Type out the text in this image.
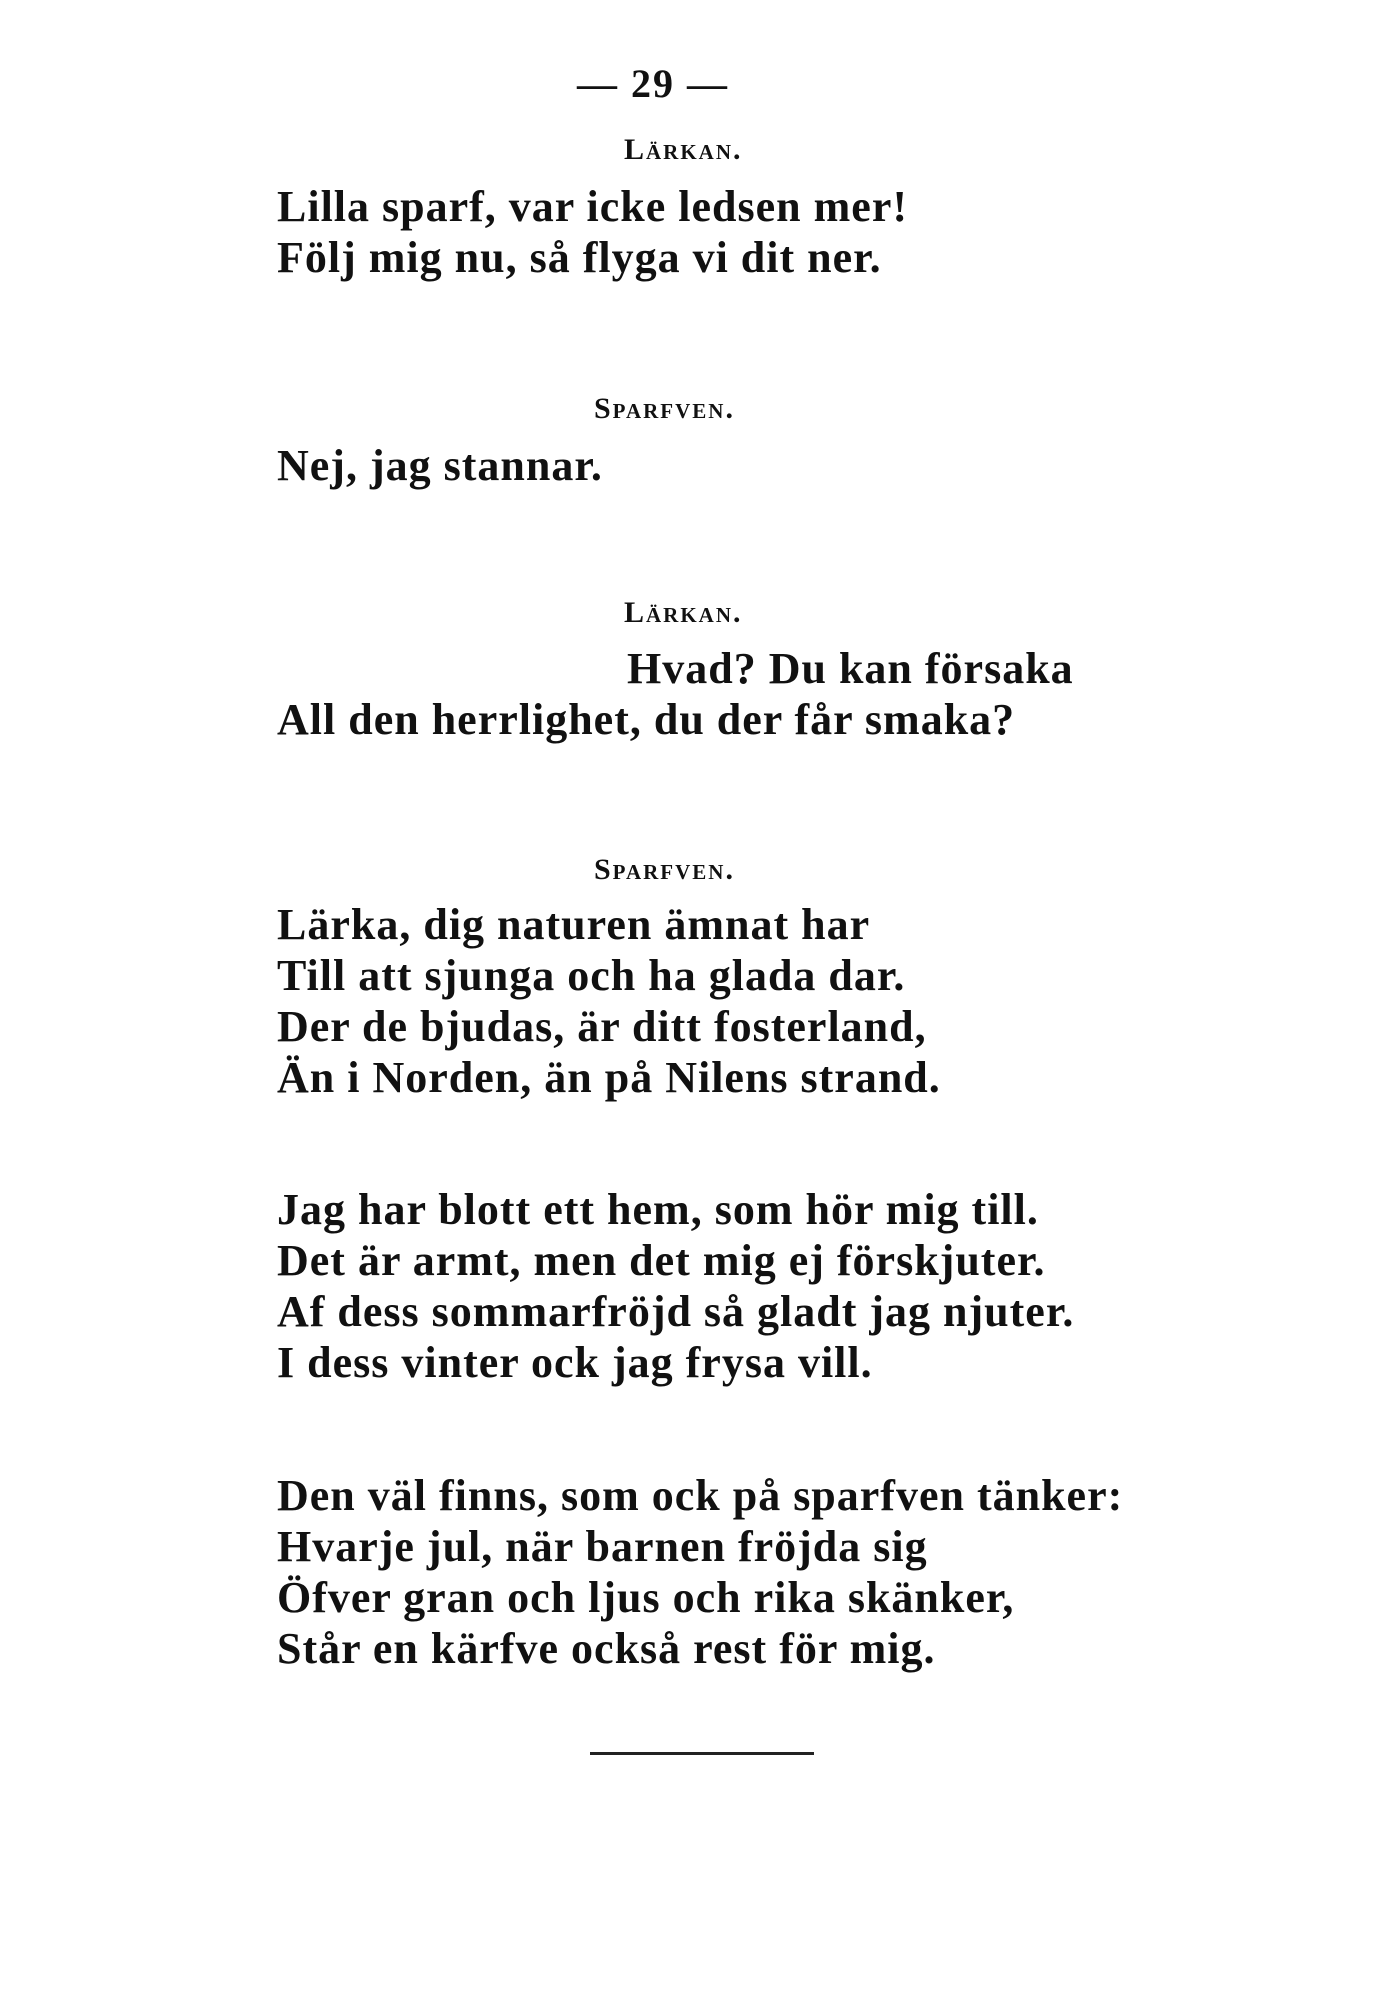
— 29 —
Lärkan.
Lilla sparf, var icke ledsen mer!
Följ mig nu, så flyga vi dit ner.
Sparfven.
Nej, jag stannar.
Lärkan.
Hvad? Du kan försaka
All den herrlighet, du der får smaka?
Sparfven.
Lärka, dig naturen ämnat har
Till att sjunga och ha glada dar.
Der de bjudas, är ditt fosterland,
Än i Norden, än på Nilens strand.
Jag har blott ett hem, som hör mig till.
Det är armt, men det mig ej förskjuter.
Af dess sommarfröjd så gladt jag njuter.
I dess vinter ock jag frysa vill.
Den väl finns, som ock på sparfven tänker:
Hvarje jul, när barnen fröjda sig
Öfver gran och ljus och rika skänker,
Står en kärfve också rest för mig.
